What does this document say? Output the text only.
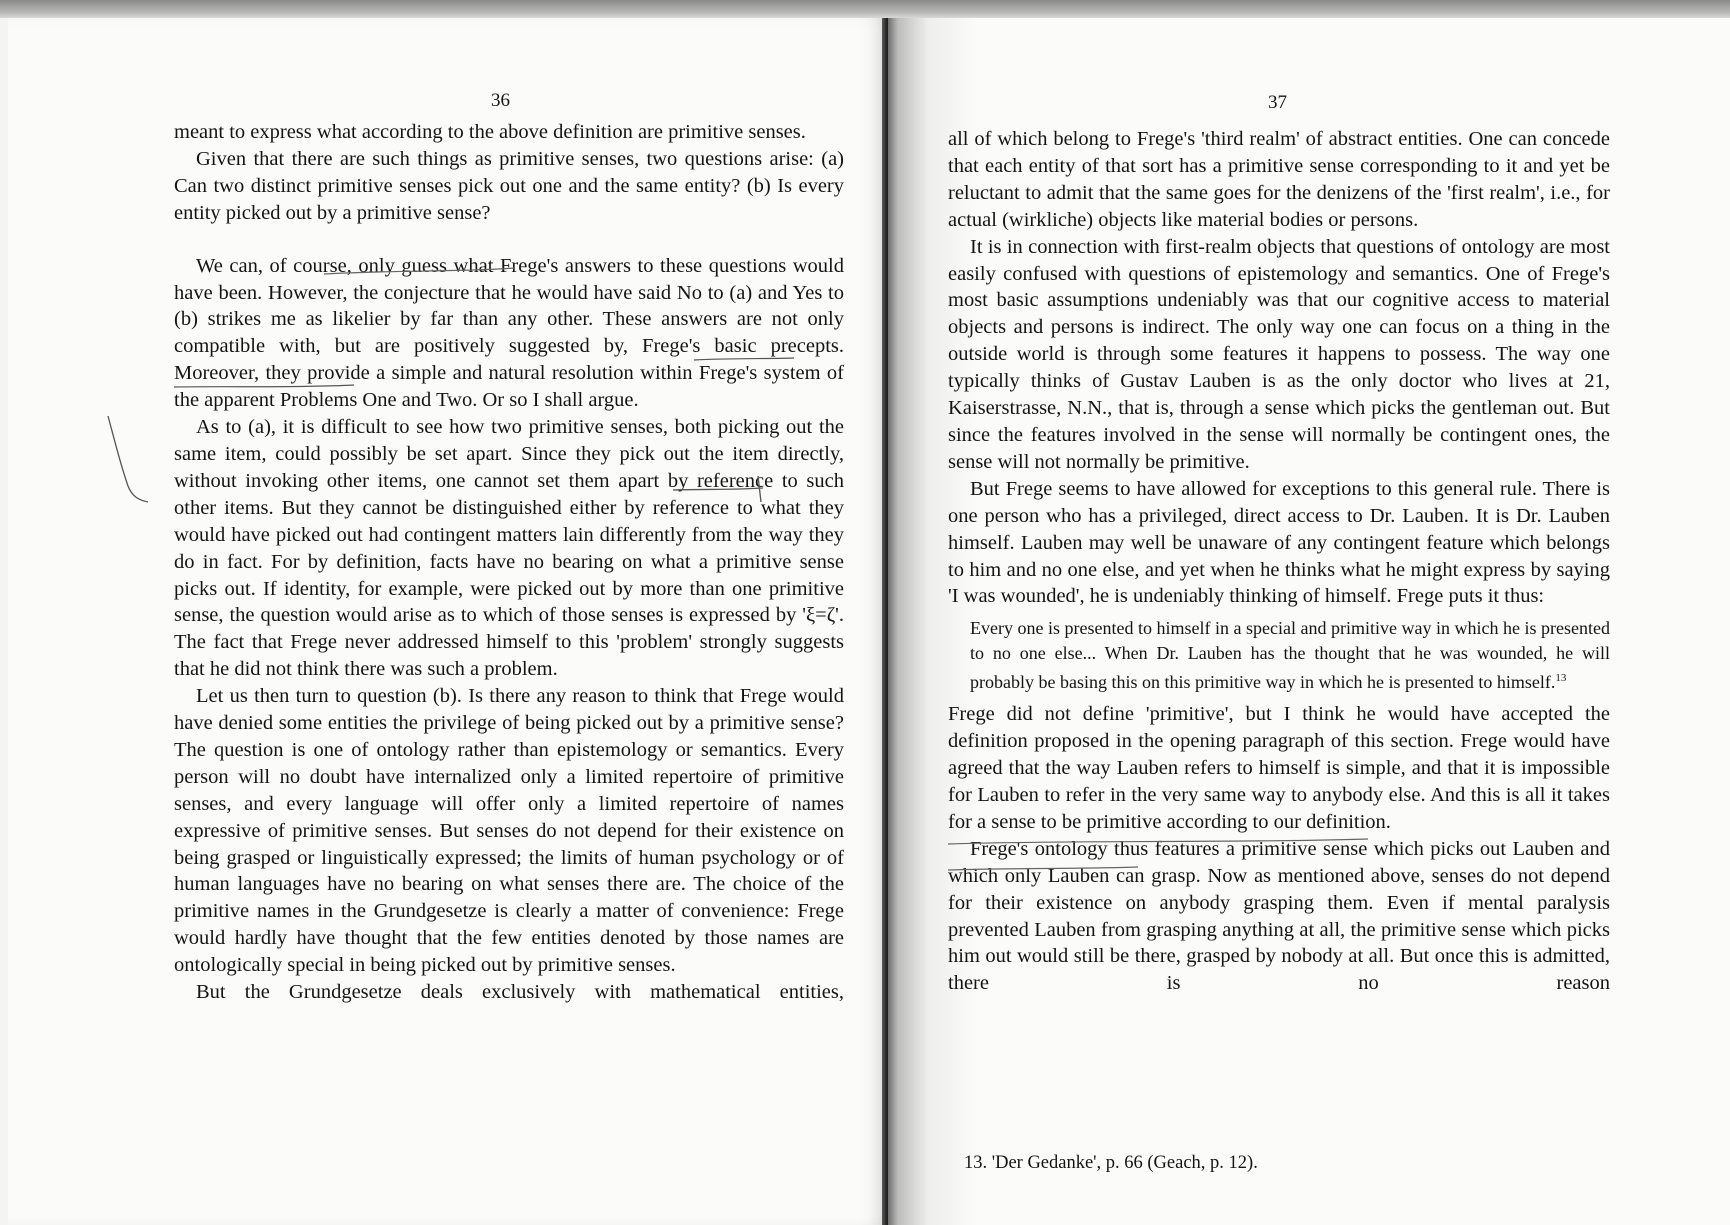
36

meant to express what according to the above definition are primitive senses.

Given that there are such things as primitive senses, two questions arise: (a) Can two distinct primitive senses pick out one and the same entity? (b) Is every entity picked out by a primitive sense?

We can, of course, only guess what Frege's answers to these questions would have been. However, the conjecture that he would have said No to (a) and Yes to (b) strikes me as likelier by far than any other. These answers are not only compatible with, but are positively suggested by, Frege's basic precepts. Moreover, they provide a simple and natural resolution within Frege's system of the apparent Problems One and Two. Or so I shall argue.

As to (a), it is difficult to see how two primitive senses, both picking out the same item, could possibly be set apart. Since they pick out the item directly, without invoking other items, one cannot set them apart by reference to such other items. But they cannot be distinguished either by reference to what they would have picked out had contingent matters lain differently from the way they do in fact. For by definition, facts have no bearing on what a primitive sense picks out. If identity, for example, were picked out by more than one primitive sense, the question would arise as to which of those senses is expressed by 'ξ=ζ'. The fact that Frege never addressed himself to this 'problem' strongly suggests that he did not think there was such a problem.

Let us then turn to question (b). Is there any reason to think that Frege would have denied some entities the privilege of being picked out by a primitive sense? The question is one of ontology rather than epistemology or semantics. Every person will no doubt have internalized only a limited repertoire of primitive senses, and every language will offer only a limited repertoire of names expressive of primitive senses. But senses do not depend for their existence on being grasped or linguistically expressed; the limits of human psychology or of human languages have no bearing on what senses there are. The choice of the primitive names in the Grundgesetze is clearly a matter of convenience: Frege would hardly have thought that the few entities denoted by those names are ontologically special in being picked out by primitive senses.

But the Grundgesetze deals exclusively with mathematical entities,

37

all of which belong to Frege's 'third realm' of abstract entities. One can concede that each entity of that sort has a primitive sense corresponding to it and yet be reluctant to admit that the same goes for the denizens of the 'first realm', i.e., for actual (wirkliche) objects like material bodies or persons.

It is in connection with first-realm objects that questions of ontology are most easily confused with questions of epistemology and semantics. One of Frege's most basic assumptions undeniably was that our cognitive access to material objects and persons is indirect. The only way one can focus on a thing in the outside world is through some features it happens to possess. The way one typically thinks of Gustav Lauben is as the only doctor who lives at 21, Kaiserstrasse, N.N., that is, through a sense which picks the gentleman out. But since the features involved in the sense will normally be contingent ones, the sense will not normally be primitive.

But Frege seems to have allowed for exceptions to this general rule. There is one person who has a privileged, direct access to Dr. Lauben. It is Dr. Lauben himself. Lauben may well be unaware of any contingent feature which belongs to him and no one else, and yet when he thinks what he might express by saying 'I was wounded', he is undeniably thinking of himself. Frege puts it thus:

Every one is presented to himself in a special and primitive way in which he is presented to no one else... When Dr. Lauben has the thought that he was wounded, he will probably be basing this on this primitive way in which he is presented to himself.$^{13}$

Frege did not define 'primitive', but I think he would have accepted the definition proposed in the opening paragraph of this section. Frege would have agreed that the way Lauben refers to himself is simple, and that it is impossible for Lauben to refer in the very same way to anybody else. And this is all it takes for a sense to be primitive according to our definition.

Frege's ontology thus features a primitive sense which picks out Lauben and which only Lauben can grasp. Now as mentioned above, senses do not depend for their existence on anybody grasping them. Even if mental paralysis prevented Lauben from grasping anything at all, the primitive sense which picks him out would still be there, grasped by nobody at all. But once this is admitted, there is no reason

13. 'Der Gedanke', p. 66 (Geach, p. 12).
